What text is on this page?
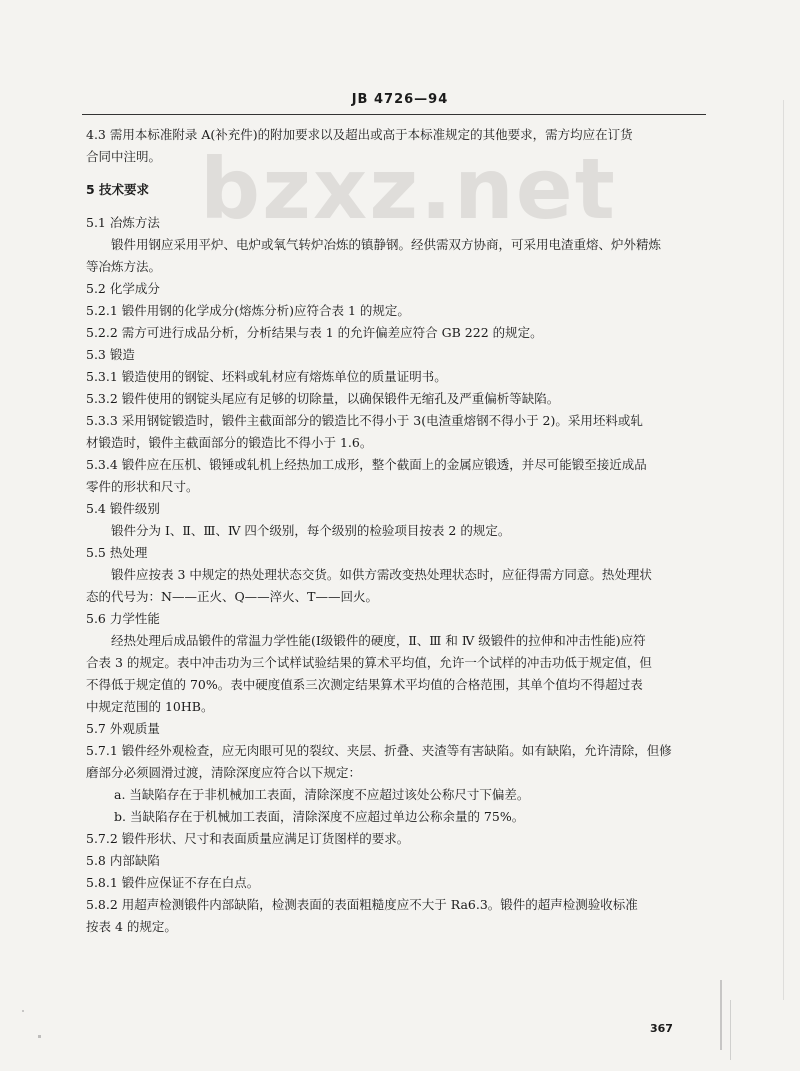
JB 4726—94
bzxz.net
4.3 需用本标准附录 A(补充件)的附加要求以及超出或高于本标准规定的其他要求，需方均应在订货
合同中注明。
5 技术要求
5.1 冶炼方法
锻件用钢应采用平炉、电炉或氧气转炉冶炼的镇静钢。经供需双方协商，可采用电渣重熔、炉外精炼
等冶炼方法。
5.2 化学成分
5.2.1 锻件用钢的化学成分(熔炼分析)应符合表 1 的规定。
5.2.2 需方可进行成品分析，分析结果与表 1 的允许偏差应符合 GB 222 的规定。
5.3 锻造
5.3.1 锻造使用的钢锭、坯料或轧材应有熔炼单位的质量证明书。
5.3.2 锻件使用的钢锭头尾应有足够的切除量，以确保锻件无缩孔及严重偏析等缺陷。
5.3.3 采用钢锭锻造时，锻件主截面部分的锻造比不得小于 3(电渣重熔钢不得小于 2)。采用坯料或轧
材锻造时，锻件主截面部分的锻造比不得小于 1.6。
5.3.4 锻件应在压机、锻锤或轧机上经热加工成形，整个截面上的金属应锻透，并尽可能锻至接近成品
零件的形状和尺寸。
5.4 锻件级别
锻件分为 Ⅰ、Ⅱ、Ⅲ、Ⅳ 四个级别，每个级别的检验项目按表 2 的规定。
5.5 热处理
锻件应按表 3 中规定的热处理状态交货。如供方需改变热处理状态时，应征得需方同意。热处理状
态的代号为：N——正火、Q——淬火、T——回火。
5.6 力学性能
经热处理后成品锻件的常温力学性能(Ⅰ级锻件的硬度，Ⅱ、Ⅲ 和 Ⅳ 级锻件的拉伸和冲击性能)应符
合表 3 的规定。表中冲击功为三个试样试验结果的算术平均值，允许一个试样的冲击功低于规定值，但
不得低于规定值的 70%。表中硬度值系三次测定结果算术平均值的合格范围，其单个值均不得超过表
中规定范围的 10HB。
5.7 外观质量
5.7.1 锻件经外观检查，应无肉眼可见的裂纹、夹层、折叠、夹渣等有害缺陷。如有缺陷，允许清除，但修
磨部分必须圆滑过渡，清除深度应符合以下规定：
a. 当缺陷存在于非机械加工表面，清除深度不应超过该处公称尺寸下偏差。
b. 当缺陷存在于机械加工表面，清除深度不应超过单边公称余量的 75%。
5.7.2 锻件形状、尺寸和表面质量应满足订货图样的要求。
5.8 内部缺陷
5.8.1 锻件应保证不存在白点。
5.8.2 用超声检测锻件内部缺陷，检测表面的表面粗糙度应不大于 Ra6.3。锻件的超声检测验收标准
按表 4 的规定。
367
